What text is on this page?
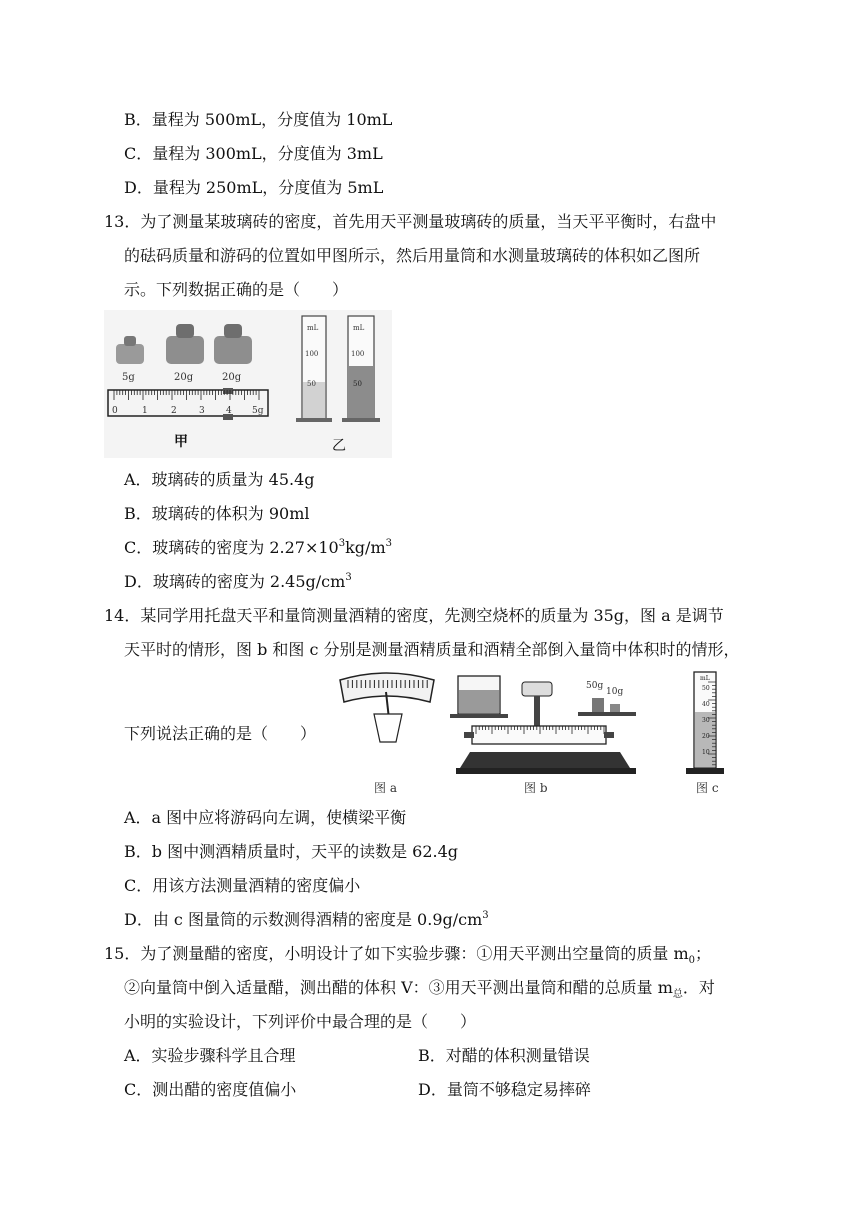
B．量程为 500mL，分度值为 10mL
C．量程为 300mL，分度值为 3mL
D．量程为 250mL，分度值为 5mL
13．为了测量某玻璃砖的密度，首先用天平测量玻璃砖的质量，当天平平衡时，右盘中
的砝码质量和游码的位置如甲图所示，然后用量筒和水测量玻璃砖的体积如乙图所
示。下列数据正确的是（　　）
5g	20g	20g
0	1	2 3 4 5g
甲
mL
100
50
mL
100
50
乙
A．玻璃砖的质量为 45.4g
B．玻璃砖的体积为 90ml
C．玻璃砖的密度为 $2.27\times 10^3kg/m^3$
D．玻璃砖的密度为 $2.45g/cm^3$
14．某同学用托盘天平和量筒测量酒精的密度，先测空烧杯的质量为 35g，图 a 是调节
天平时的情形，图 b 和图 c 分别是测量酒精质量和酒精全部倒入量筒中体积时的情形，
下列说法正确的是（　　）
图 a
50g
10g
图 b
mL
50
40
30
20
10
图 c
A．a 图中应将游码向左调，使横梁平衡
B．b 图中测酒精质量时，天平的读数是 62.4g
C．用该方法测量酒精的密度偏小
D．由 c 图量筒的示数测得酒精的密度是 $0.9g/cm^3$
15．为了测量醋的密度，小明设计了如下实验步骤：①用天平测出空量筒的质量 $m_0$；
②向量筒中倒入适量醋，测出醋的体积 V：③用天平测出量筒和醋的总质量 $m_总$．对
小明的实验设计，下列评价中最合理的是（　　）
A．实验步骤科学且合理	B．对醋的体积测量错误
C．测出醋的密度值偏小	D．量筒不够稳定易摔碎
